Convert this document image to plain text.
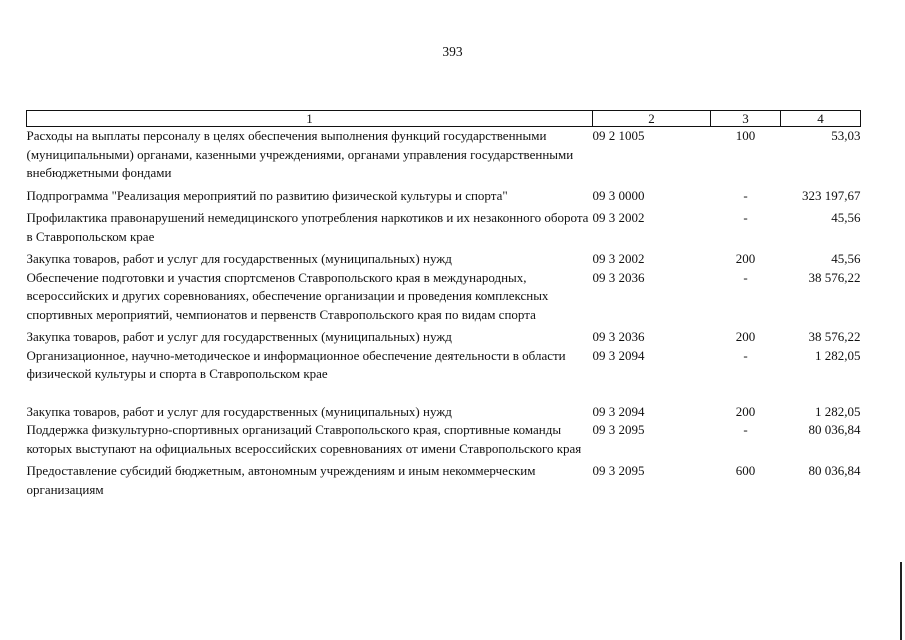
393
1	2	3	4
Расходы на выплаты персоналу в целях обеспечения выполнения функций государственными (муниципальными) органами, казенными учреждениями, органами управления государственными внебюджетными фондами	09 2 1005	100	53,03
Подпрограмма "Реализация мероприятий по развитию физической культуры и спорта"	09 3 0000	-	323 197,67
Профилактика правонарушений немедицинского употребления наркотиков и их незаконного оборота в Ставропольском крае	09 3 2002	-	45,56
Закупка товаров, работ и услуг для государственных (муниципальных) нужд	09 3 2002	200	45,56
Обеспечение подготовки и участия спортсменов Ставропольского края в международных, всероссийских и других соревнованиях, обеспечение организации и проведения комплексных спортивных мероприятий, чемпионатов и первенств Ставропольского края по видам спорта	09 3 2036	-	38 576,22
Закупка товаров, работ и услуг для государственных (муниципальных) нужд	09 3 2036	200	38 576,22
Организационное, научно-методическое и информационное обеспечение деятельности в области физической культуры и спорта в Ставропольском крае	09 3 2094	-	1 282,05
Закупка товаров, работ и услуг для государственных (муниципальных) нужд	09 3 2094	200	1 282,05
Поддержка физкультурно-спортивных организаций Ставропольского края, спортивные команды которых выступают на официальных всероссийских соревнованиях от имени Ставропольского края	09 3 2095	-	80 036,84
Предоставление субсидий бюджетным, автономным учреждениям и иным некоммерческим организациям	09 3 2095	600	80 036,84
